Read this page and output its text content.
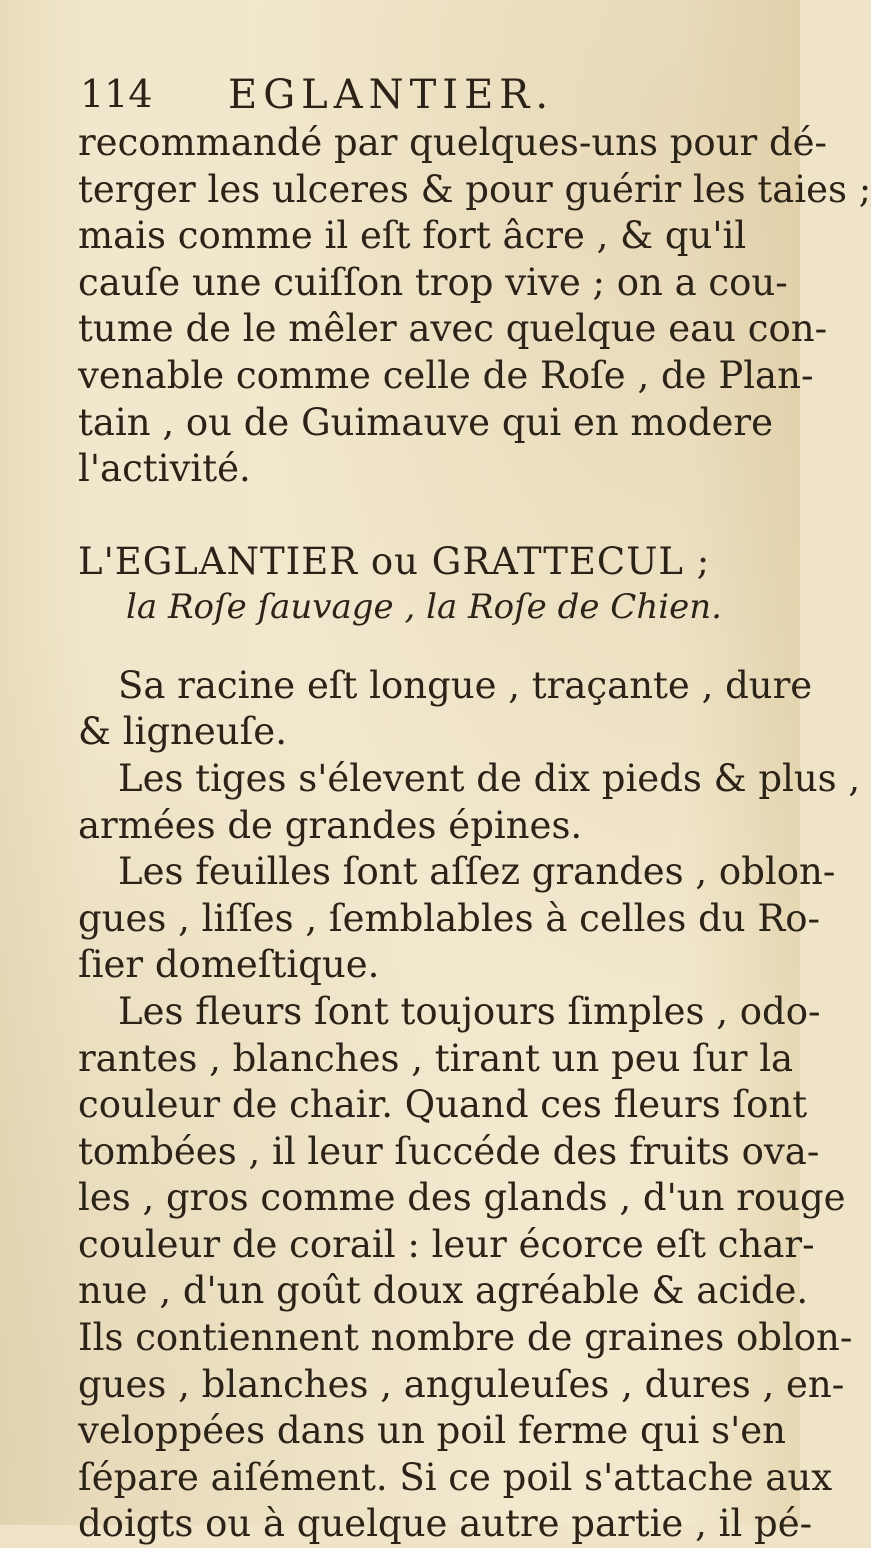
114 EGLANTIER.
recommandé par quelques-uns pour dé-
terger les ulceres & pour guérir les taies ;
mais comme il eſt fort âcre , & qu'il
cauſe une cuiſſon trop vive ; on a cou-
tume de le mêler avec quelque eau con-
venable comme celle de Roſe , de Plan-
tain , ou de Guimauve qui en modere
l'activité.
L'EGLANTIER ou GRATTECUL ;
la Roſe ſauvage , la Roſe de Chien.
Sa racine eſt longue , traçante , dure
& ligneuſe.
Les tiges s'élevent de dix pieds & plus ,
armées de grandes épines.
Les feuilles ſont aſſez grandes , oblon-
gues , liſſes , ſemblables à celles du Ro-
ſier domeſtique.
Les fleurs ſont toujours ſimples , odo-
rantes , blanches , tirant un peu ſur la
couleur de chair. Quand ces fleurs ſont
tombées , il leur ſuccéde des fruits ova-
les , gros comme des glands , d'un rouge
couleur de corail : leur écorce eſt char-
nue , d'un goût doux agréable & acide.
Ils contiennent nombre de graines oblon-
gues , blanches , anguleuſes , dures , en-
veloppées dans un poil ferme qui s'en
ſépare aiſément. Si ce poil s'attache aux
doigts ou à quelque autre partie , il pé-
